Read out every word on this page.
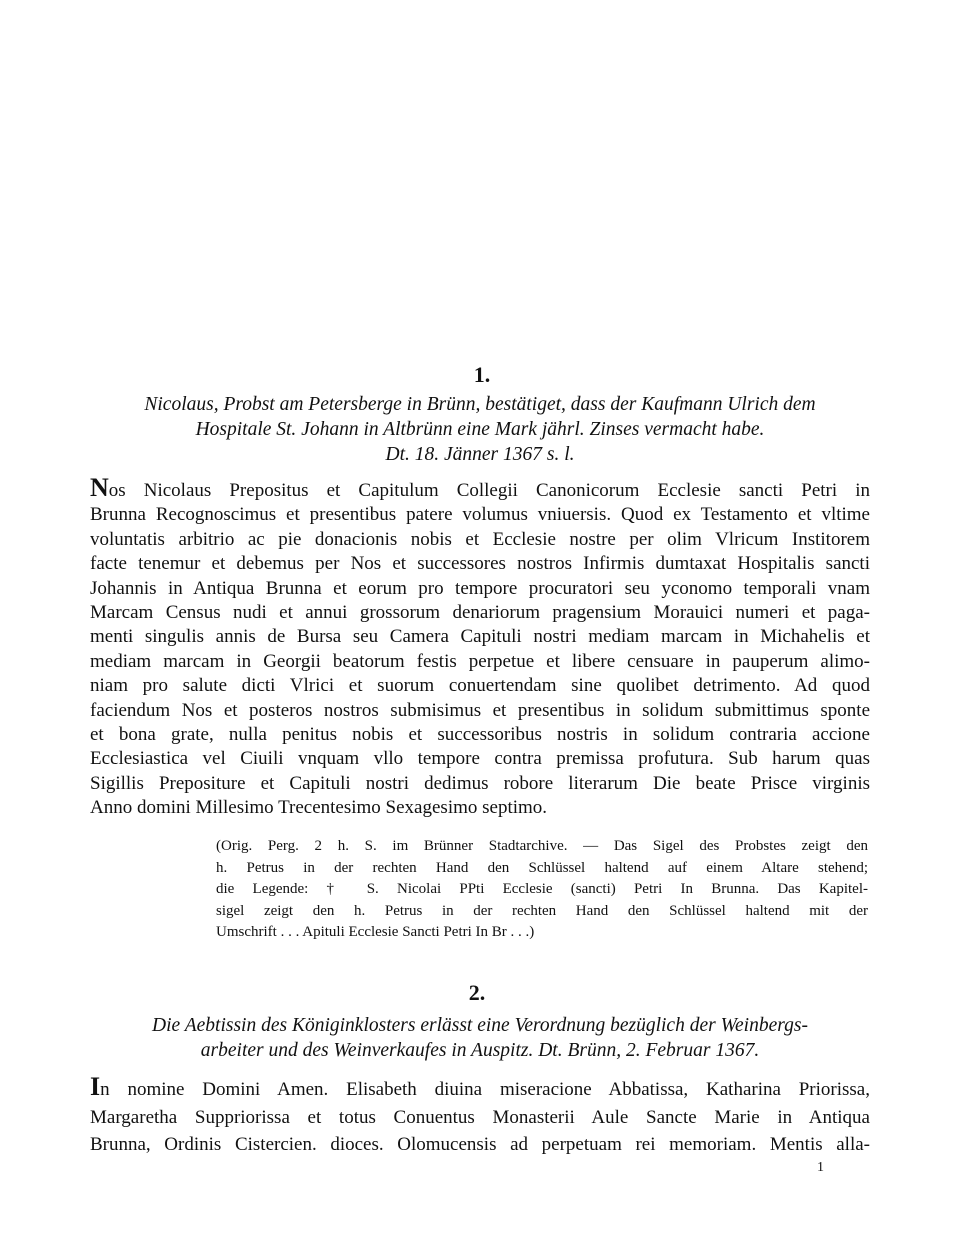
1.
Nicolaus, Probst am Petersberge in Brünn, bestätiget, dass der Kaufmann Ulrich dem
Hospitale St. Johann in Altbrünn eine Mark jährl. Zinses vermacht habe.
Dt. 18. Jänner 1367 s. l.
Nos Nicolaus Prepositus et Capitulum Collegii Canonicorum Ecclesie sancti Petri in
Brunna Recognoscimus et presentibus patere volumus vniuersis. Quod ex Testamento et vltime
voluntatis arbitrio ac pie donacionis nobis et Ecclesie nostre per olim Vlricum Institorem
facte tenemur et debemus per Nos et successores nostros Infirmis dumtaxat Hospitalis sancti
Johannis in Antiqua Brunna et eorum pro tempore procuratori seu yconomo temporali vnam
Marcam Census nudi et annui grossorum denariorum pragensium Morauici numeri et paga-
menti singulis annis de Bursa seu Camera Capituli nostri mediam marcam in Michahelis et
mediam marcam in Georgii beatorum festis perpetue et libere censuare in pauperum alimo-
niam pro salute dicti Vlrici et suorum conuertendam sine quolibet detrimento. Ad quod
faciendum Nos et posteros nostros submisimus et presentibus in solidum submittimus sponte
et bona grate, nulla penitus nobis et successoribus nostris in solidum contraria accione
Ecclesiastica vel Ciuili vnquam vllo tempore contra premissa profutura. Sub harum quas
Sigillis Prepositure et Capituli nostri dedimus robore literarum Die beate Prisce virginis
Anno domini Millesimo Trecentesimo Sexagesimo septimo.
(Orig. Perg. 2 h. S. im Brünner Stadtarchive. — Das Sigel des Probstes zeigt den
h. Petrus in der rechten Hand den Schlüssel haltend auf einem Altare stehend;
die Legende: † S. Nicolai PPti Ecclesie (sancti) Petri In Brunna. Das Kapitel-
sigel zeigt den h. Petrus in der rechten Hand den Schlüssel haltend mit der
Umschrift . . . Apituli Ecclesie Sancti Petri In Br . . .)
2.
Die Aebtissin des Königinklosters erlässt eine Verordnung bezüglich der Weinbergs-
arbeiter und des Weinverkaufes in Auspitz. Dt. Brünn, 2. Februar 1367.
In nomine Domini Amen. Elisabeth diuina miseracione Abbatissa, Katharina Priorissa,
Margaretha Suppriorissa et totus Conuentus Monasterii Aule Sancte Marie in Antiqua
Brunna, Ordinis Cistercien. dioces. Olomucensis ad perpetuam rei memoriam. Mentis alla-
1
